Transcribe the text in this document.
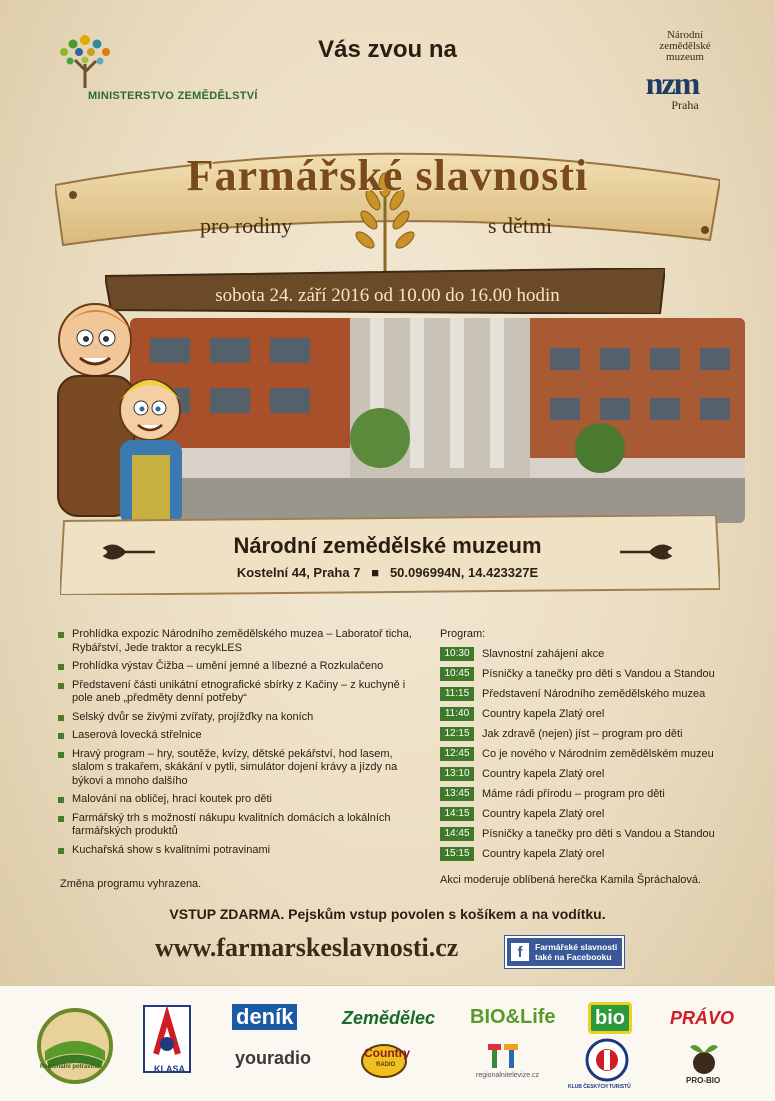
MINISTERSTVO ZEMĚDĚLSTVÍ
Vás zvou na
Národní
zemědělské
muzeum
nzm
Praha
Farmářské slavnosti
pro rodiny	s dětmi
sobota 24. září 2016 od 10.00 do 16.00 hodin
Národní zemědělské muzeum
Kostelní 44, Praha 7 ■ 50.096994N, 14.423327E
Prohlídka expozic Národního zemědělského muzea – Laboratoř ticha, Rybářství, Jede traktor a recykLES
Prohlídka výstav Čižba – umění jemné a líbezné a Rozkulačeno
Představení části unikátní etnografické sbírky z Kačiny – z kuchyně i pole aneb „předměty denní potřeby“
Selský dvůr se živými zvířaty, projížďky na koních
Laserová lovecká střelnice
Hravý program – hry, soutěže, kvízy, dětské pekářství, hod lasem, slalom s trakařem, skákání v pytli, simulátor dojení krávy a jízdy na býkovi a mnoho dalšího
Malování na obličej, hrací koutek pro děti
Farmářský trh s možností nákupu kvalitních domácích a lokálních farmářských produktů
Kuchařská show s kvalitními potravinami
Změna programu vyhrazena.
Program:
10:30	Slavnostní zahájení akce
10:45	Písničky a tanečky pro děti s Vandou a Standou
11:15	Představení Národního zemědělského muzea
11:40	Country kapela Zlatý orel
12:15	Jak zdravě (nejen) jíst – program pro děti
12:45	Co je nového v Národním zemědělském muzeu
13:10	Country kapela Zlatý orel
13:45	Máme rádi přírodu – program pro děti
14:15	Country kapela Zlatý orel
14:45	Písničky a tanečky pro děti s Vandou a Standou
15:15	Country kapela Zlatý orel
Akci moderuje oblíbená herečka Kamila Špráchalová.
VSTUP ZDARMA. Pejskům vstup povolen s košíkem a na vodítku.
www.farmarskeslavnosti.cz	f	Farmářské slavnosti
také na Facebooku
Regionální potravina	KLASA
deník
youradio
Zemědělec
Country
RADIO
BIO&Life
regionalnitelevize.cz
bio
KLUB ČESKÝCH TURISTŮ
PRÁVO
PRO-BIO
